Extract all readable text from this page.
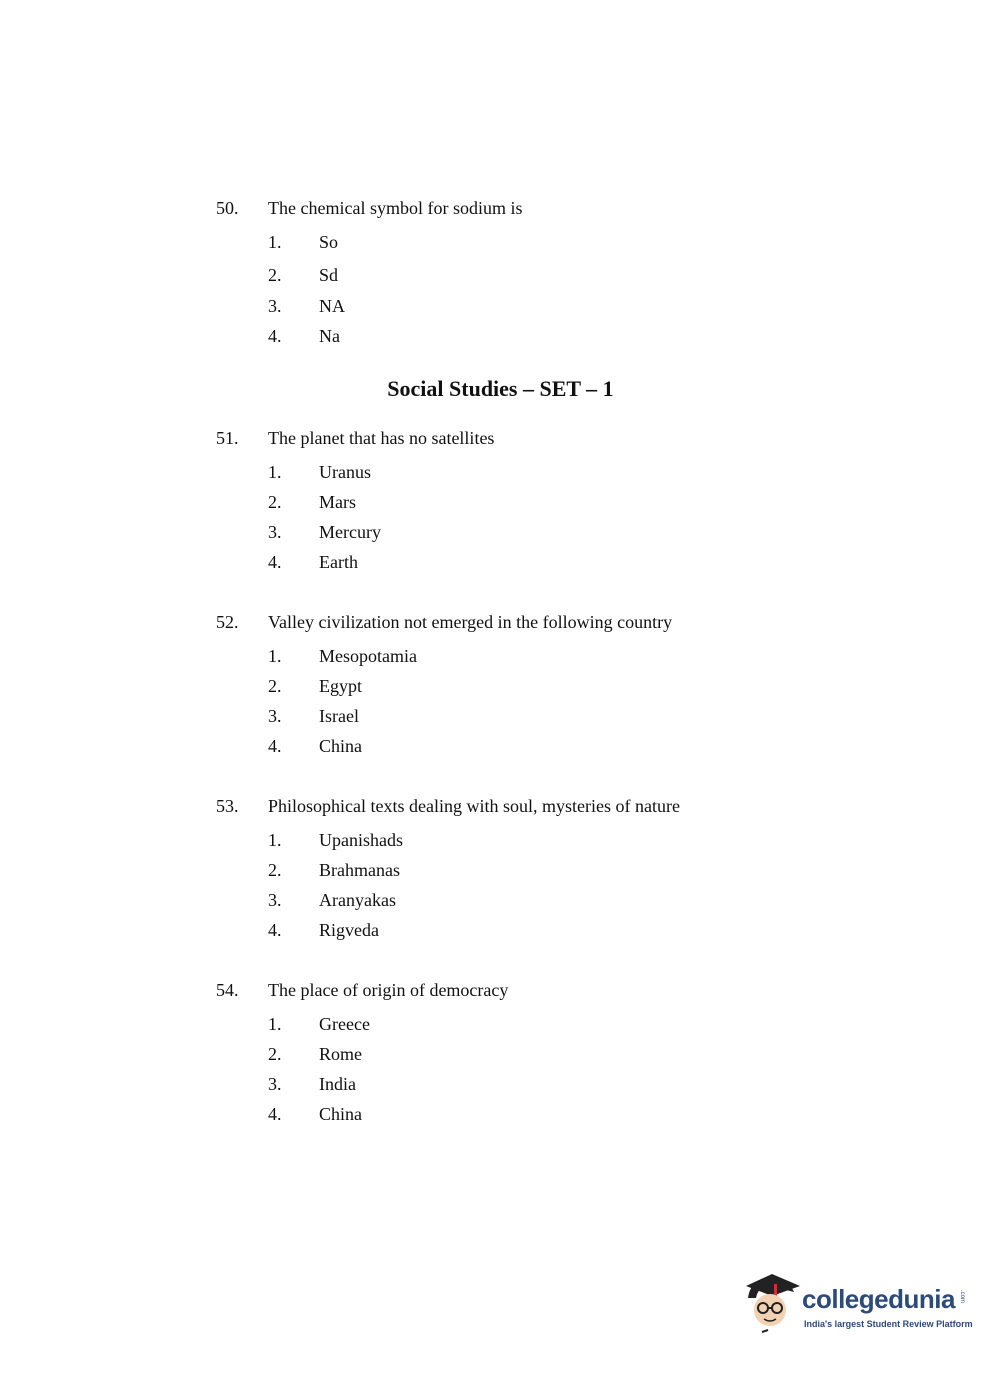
50. The chemical symbol for sodium is
1. So
2. Sd
3. NA
4. Na
Social Studies – SET – 1
51. The planet that has no satellites
1. Uranus
2. Mars
3. Mercury
4. Earth
52. Valley civilization not emerged in the following country
1. Mesopotamia
2. Egypt
3. Israel
4. China
53. Philosophical texts dealing with soul, mysteries of nature
1. Upanishads
2. Brahmanas
3. Aranyakas
4. Rigveda
54. The place of origin of democracy
1. Greece
2. Rome
3. India
4. China
collegedunia .com
India's largest Student Review Platform
